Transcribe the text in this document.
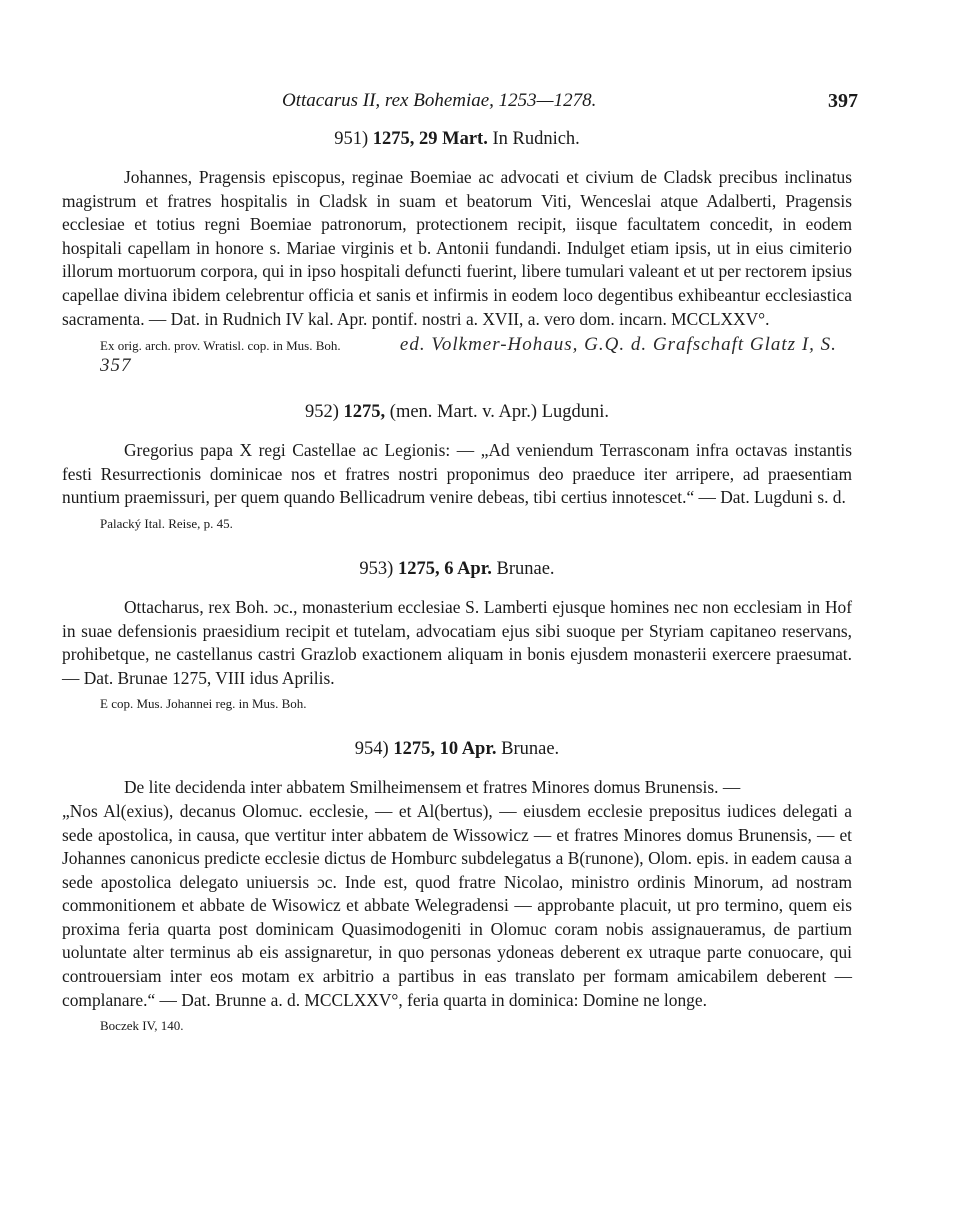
Ottacarus II, rex Bohemiae, 1253—1278.	397

951) 1275, 29 Mart. In Rudnich.

Johannes, Pragensis episcopus, reginae Boemiae ac advocati et civium de Cladsk precibus inclinatus magistrum et fratres hospitalis in Cladsk in suam et beatorum Viti, Wenceslai atque Adalberti, Pragensis ecclesiae et totius regni Boemiae patronorum, protectionem recipit, iisque facultatem concedit, in eodem hospitali capellam in honore s. Mariae virginis et b. Antonii fundandi. Indulget etiam ipsis, ut in eius cimiterio illorum mortuorum corpora, qui in ipso hospitali defuncti fuerint, libere tumulari valeant et ut per rectorem ipsius capellae divina ibidem celebrentur officia et sanis et infirmis in eodem loco degentibus exhibeantur ecclesiastica sacramenta. — Dat. in Rudnich IV kal. Apr. pontif. nostri a. XVII, a. vero dom. incarn. MCCLXXV°.

Ex orig. arch. prov. Wratisl. cop. in Mus. Boh.	ed. Volkmer-Hohaus, G.Q. d. Grafschaft Glatz I, S. 357

952) 1275, (men. Mart. v. Apr.) Lugduni.

Gregorius papa X regi Castellae ac Legionis: — „Ad veniendum Terrasconam infra octavas instantis festi Resurrectionis dominicae nos et fratres nostri proponimus deo praeduce iter arripere, ad praesentiam nuntium praemissuri, per quem quando Bellicadrum venire debeas, tibi certius innotescet.“ — Dat. Lugduni s. d.

Palacký Ital. Reise, p. 45.

953) 1275, 6 Apr. Brunae.

Ottacharus, rex Boh. ɔc., monasterium ecclesiae S. Lamberti ejusque homines nec non ecclesiam in Hof in suae defensionis praesidium recipit et tutelam, advocatiam ejus sibi suoque per Styriam capitaneo reservans, prohibetque, ne castellanus castri Grazlob exactionem aliquam in bonis ejusdem monasterii exercere praesumat. — Dat. Brunae 1275, VIII idus Aprilis.

E cop. Mus. Johannei reg. in Mus. Boh.

954) 1275, 10 Apr. Brunae.

De lite decidenda inter abbatem Smilheimensem et fratres Minores domus Brunensis. —

„Nos Al(exius), decanus Olomuc. ecclesie, — et Al(bertus), — eiusdem ecclesie prepositus iudices delegati a sede apostolica, in causa, que vertitur inter abbatem de Wissowicz — et fratres Minores domus Brunensis, — et Johannes canonicus predicte ecclesie dictus de Homburc subdelegatus a B(runone), Olom. epis. in eadem causa a sede apostolica delegato uniuersis ɔc. Inde est, quod fratre Nicolao, ministro ordinis Minorum, ad nostram commonitionem et abbate de Wisowicz et abbate Welegradensi — approbante placuit, ut pro termino, quem eis proxima feria quarta post dominicam Quasimodogeniti in Olomuc coram nobis assignaueramus, de partium uoluntate alter terminus ab eis assignaretur, in quo personas ydoneas deberent ex utraque parte conuocare, qui controuersiam inter eos motam ex arbitrio a partibus in eas translato per formam amicabilem deberent — complanare.“ — Dat. Brunne a. d. MCCLXXV°, feria quarta in dominica: Domine ne longe.

Boczek IV, 140.
